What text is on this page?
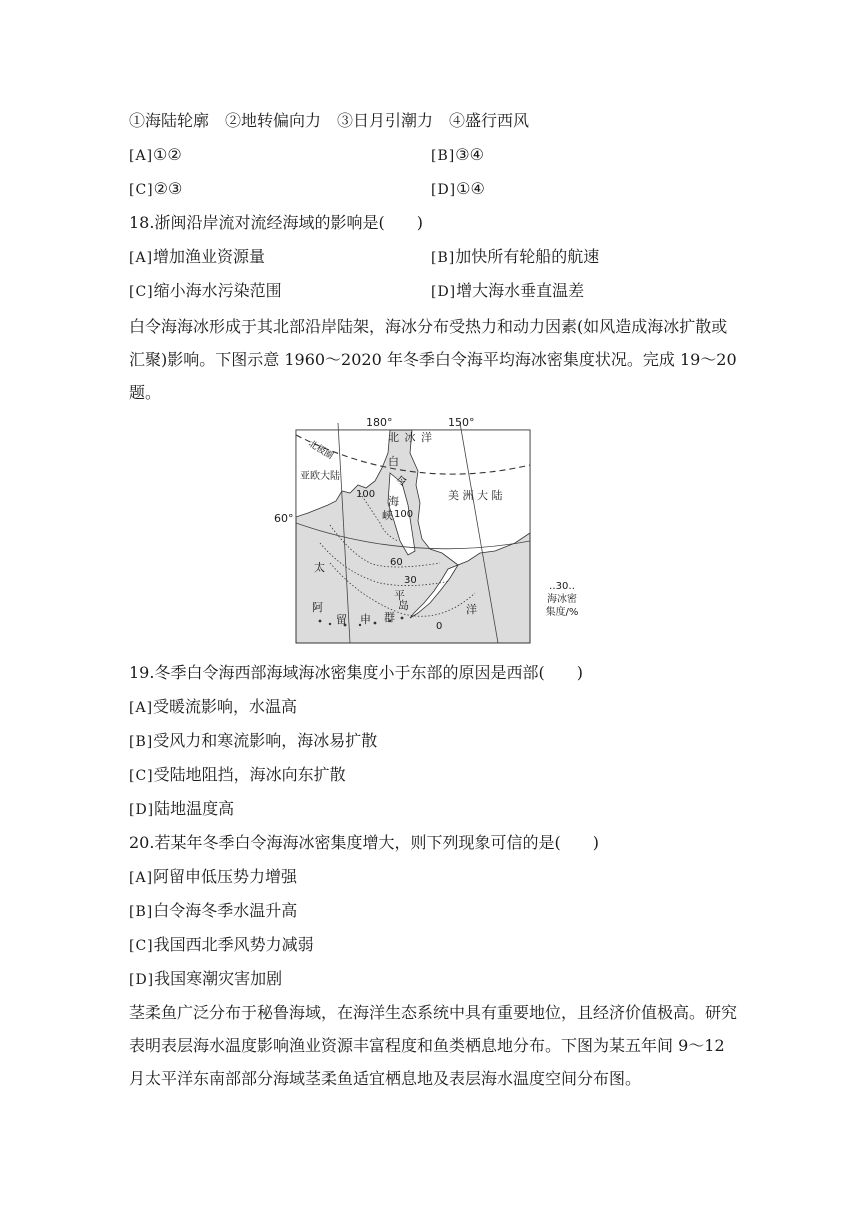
①海陆轮廓　②地转偏向力　③日月引潮力　④盛行西风
[A]①②	[B]③④
[C]②③	[D]①④
18.浙闽沿岸流对流经海域的影响是(　　)
[A]增加渔业资源量	[B]加快所有轮船的航速
[C]缩小海水污染范围	[D]增大海水垂直温差
白令海海冰形成于其北部沿岸陆架，海冰分布受热力和动力因素(如风造成海冰扩散或汇聚)影响。下图示意 1960～2020 年冬季白令海平均海冰密集度状况。完成 19～20 题。
180°	150°
60°
北 冰 洋
北极圈
亚欧大陆
美 洲 大 陆
白
令
海
峡
100
100
60
30
0
太
平
洋
阿
留 申 群
岛
‥30‥
海冰密
集度/%
19.冬季白令海西部海域海冰密集度小于东部的原因是西部(　　)
[A]受暖流影响，水温高
[B]受风力和寒流影响，海冰易扩散
[C]受陆地阻挡，海冰向东扩散
[D]陆地温度高
20.若某年冬季白令海海冰密集度增大，则下列现象可信的是(　　)
[A]阿留申低压势力增强
[B]白令海冬季水温升高
[C]我国西北季风势力减弱
[D]我国寒潮灾害加剧
茎柔鱼广泛分布于秘鲁海域，在海洋生态系统中具有重要地位，且经济价值极高。研究表明表层海水温度影响渔业资源丰富程度和鱼类栖息地分布。下图为某五年间 9～12 月太平洋东南部部分海域茎柔鱼适宜栖息地及表层海水温度空间分布图。
